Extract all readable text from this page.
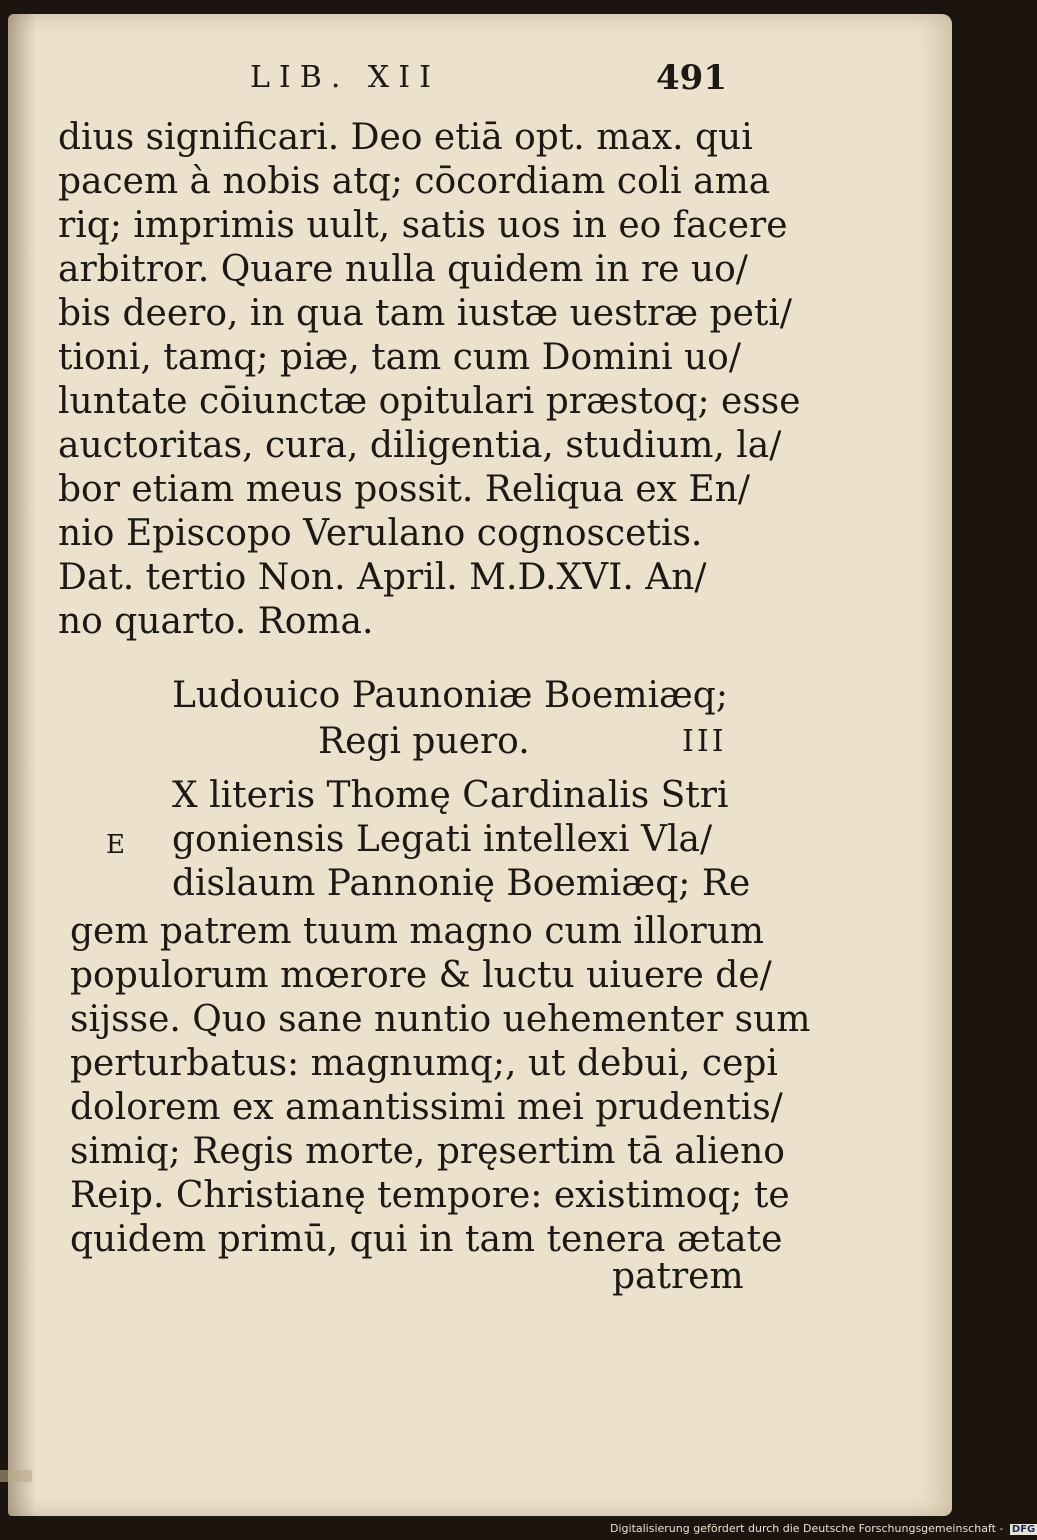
LIB. XII	491
dius significari. Deo etiā opt. max. qui
pacem à nobis atq; cōcordiam coli ama
riq; imprimis uult, satis uos in eo facere
arbitror. Quare nulla quidem in re uo/
bis deero, in qua tam iustæ uestræ peti/
tioni, tamq; piæ, tam cum Domini uo/
luntate cōiunctæ opitulari præstoq; esse
auctoritas, cura, diligentia, studium, la/
bor etiam meus possit. Reliqua ex En/
nio Episcopo Verulano cognoscetis.
Dat. tertio Non. April. M.D.XVI. An/
no quarto. Roma.
Ludouico Paunoniæ Boemiæq;
Regi puero.	III
E
X literis Thomę Cardinalis Stri
goniensis Legati intellexi Vla/
dislaum Pannonię Boemiæq; Re
gem patrem tuum magno cum illorum
populorum mœrore & luctu uiuere de/
sijsse. Quo sane nuntio uehementer sum
perturbatus: magnumq;, ut debui, cepi
dolorem ex amantissimi mei prudentis/
simiq; Regis morte, pręsertim tā alieno
Reip. Christianę tempore: existimoq; te
quidem primū, qui in tam tenera ætate
patrem
Digitalisierung gefördert durch die Deutsche Forschungsgemeinschaft - DFG
